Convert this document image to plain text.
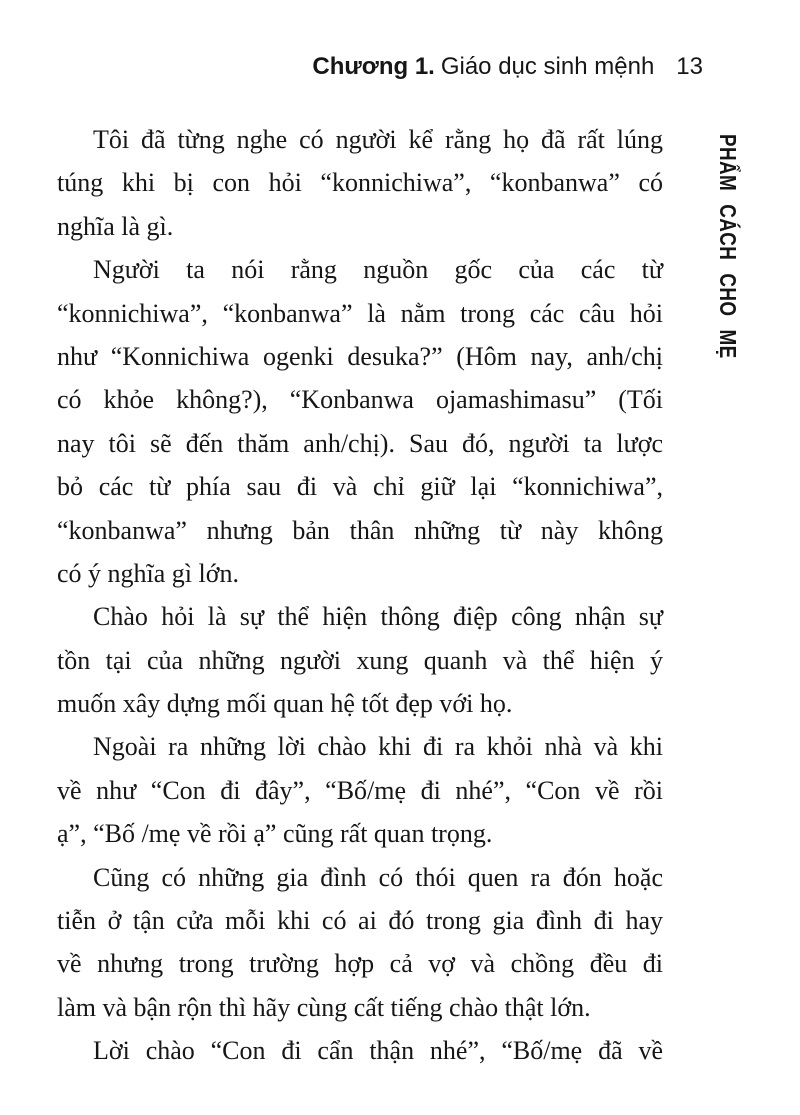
Chương 1. Giáo dục sinh mệnh 13

Tôi đã từng nghe có người kể rằng họ đã rất lúng
túng khi bị con hỏi “konnichiwa”, “konbanwa” có
nghĩa là gì.

Người ta nói rằng nguồn gốc của các từ
“konnichiwa”, “konbanwa” là nằm trong các câu hỏi
như “Konnichiwa ogenki desuka?” (Hôm nay, anh/chị
có khỏe không?), “Konbanwa ojamashimasu” (Tối
nay tôi sẽ đến thăm anh/chị). Sau đó, người ta lược
bỏ các từ phía sau đi và chỉ giữ lại “konnichiwa”,
“konbanwa” nhưng bản thân những từ này không
có ý nghĩa gì lớn.

Chào hỏi là sự thể hiện thông điệp công nhận sự
tồn tại của những người xung quanh và thể hiện ý
muốn xây dựng mối quan hệ tốt đẹp với họ.

Ngoài ra những lời chào khi đi ra khỏi nhà và khi
về như “Con đi đây”, “Bố/mẹ đi nhé”, “Con về rồi
ạ”, “Bố /mẹ về rồi ạ” cũng rất quan trọng.

Cũng có những gia đình có thói quen ra đón hoặc
tiễn ở tận cửa mỗi khi có ai đó trong gia đình đi hay
về nhưng trong trường hợp cả vợ và chồng đều đi
làm và bận rộn thì hãy cùng cất tiếng chào thật lớn.

Lời chào “Con đi cẩn thận nhé”, “Bố/mẹ đã về

PHẨM CÁCH CHO MẸ
